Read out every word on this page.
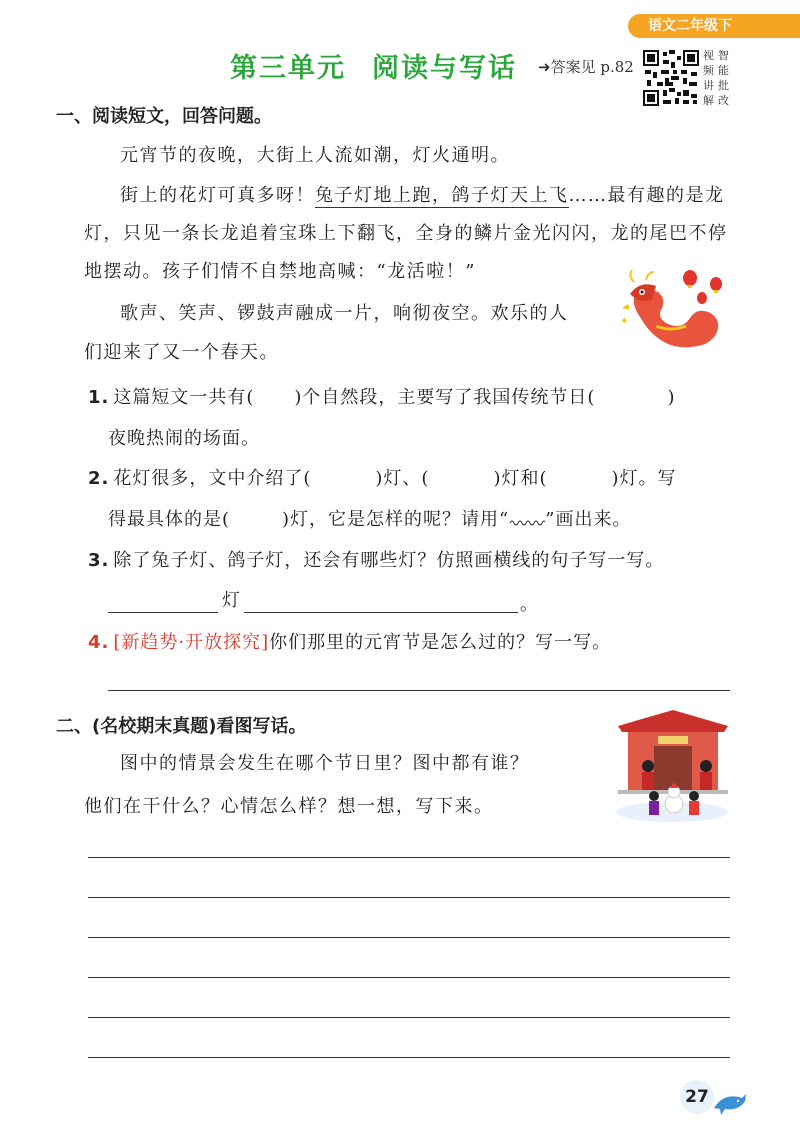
语文二年级下
第三单元 阅读与写话 ➜答案见 p.82
视 智
频 能
讲 批
解 改
一、阅读短文，回答问题。
元宵节的夜晚，大街上人流如潮，灯火通明。
街上的花灯可真多呀！兔子灯地上跑，鸽子灯天上飞……最有趣的是龙灯，只见一条长龙追着宝珠上下翻飞，全身的鳞片金光闪闪，龙的尾巴不停地摆动。孩子们情不自禁地高喊：“龙活啦！”
歌声、笑声、锣鼓声融成一片，响彻夜空。欢乐的人
们迎来了又一个春天。
✦
1. 这篇短文一共有( )个自然段，主要写了我国传统节日(	)
夜晚热闹的场面。
2. 花灯很多，文中介绍了(	)灯、(	)灯和(	)灯。写
得最具体的是(	)灯，它是怎样的呢？请用“ ”画出来。
3. 除了兔子灯、鸽子灯，还会有哪些灯？仿照画横线的句子写一写。
灯	。
4. [新趋势·开放探究]你们那里的元宵节是怎么过的？写一写。
二、(名校期末真题)看图写话。
图中的情景会发生在哪个节日里？图中都有谁？
他们在干什么？心情怎么样？想一想，写下来。
27
